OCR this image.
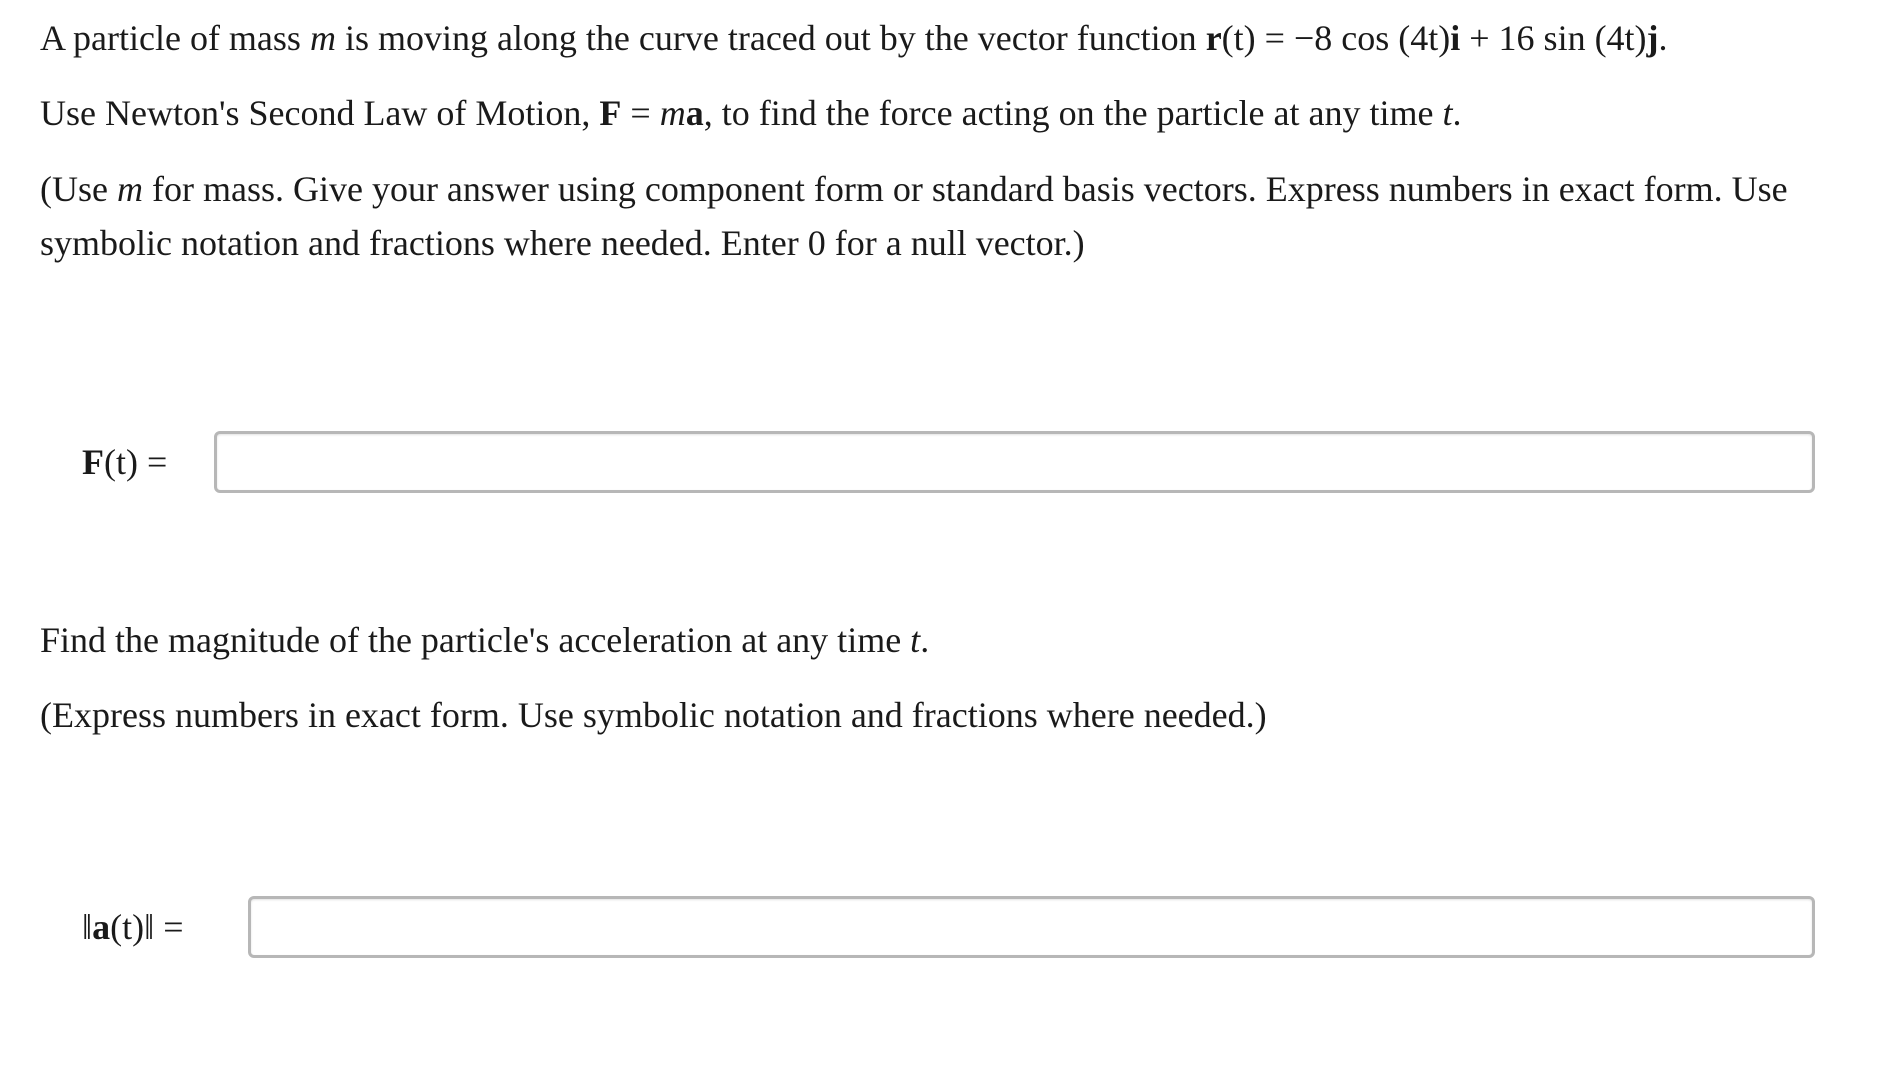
A particle of mass m is moving along the curve traced out by the vector function r(t) = −8 cos (4t)i + 16 sin (4t)j.
Use Newton's Second Law of Motion, F = ma, to find the force acting on the particle at any time t.
(Use m for mass. Give your answer using component form or standard basis vectors. Express numbers in exact form. Use symbolic notation and fractions where needed. Enter 0 for a null vector.)
F(t) =
Find the magnitude of the particle's acceleration at any time t.
(Express numbers in exact form. Use symbolic notation and fractions where needed.)
‖a(t)‖ =
